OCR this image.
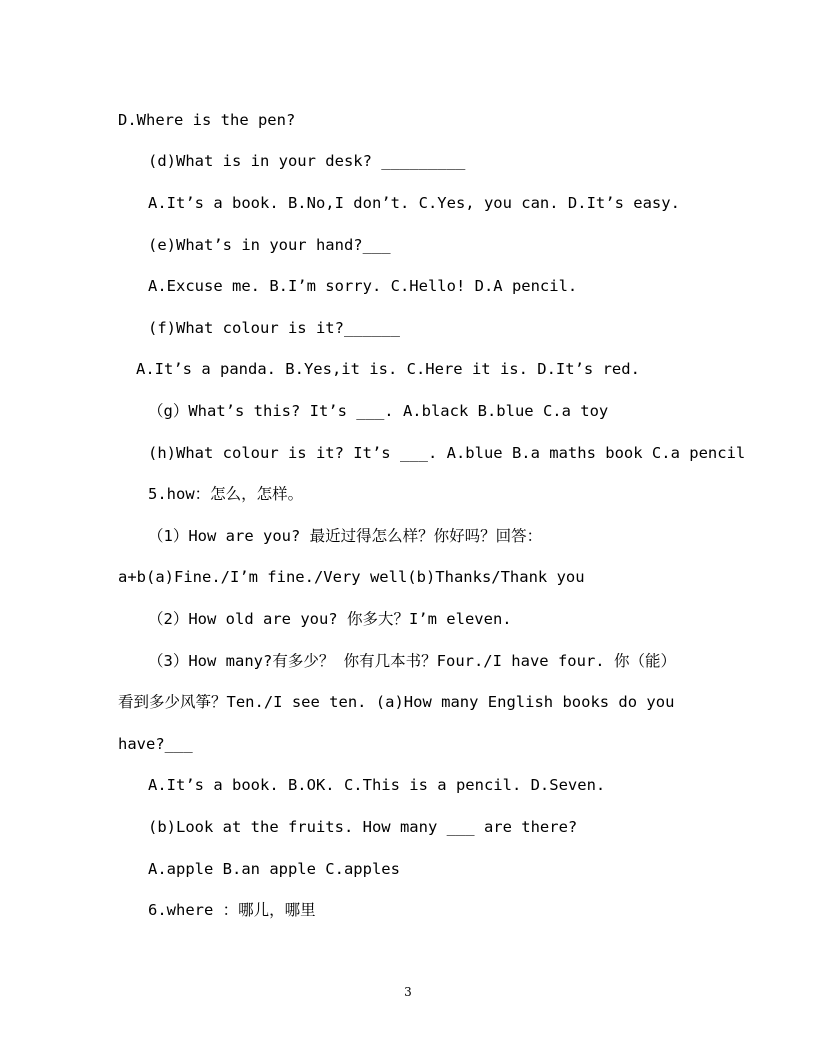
D.Where is the pen?
(d)What is in your desk? _________
A.It’s a book. B.No,I don’t. C.Yes, you can. D.It’s easy.
(e)What’s in your hand?___
A.Excuse me. B.I’m sorry. C.Hello! D.A pencil.
(f)What colour is it?______
A.It’s a panda. B.Yes,it is. C.Here it is. D.It’s red.
（g）What’s this? It’s ___. A.black B.blue C.a toy
(h)What colour is it? It’s ___. A.blue B.a maths book C.a pencil
5.how：怎么，怎样。
（1）How are you? 最近过得怎么样？你好吗？回答：
a+b(a)Fine./I’m fine./Very well(b)Thanks/Thank you
（2）How old are you? 你多大？I’m eleven.
（3）How many?有多少？ 你有几本书？Four./I have four. 你（能）
看到多少风筝？Ten./I see ten. (a)How many English books do you
have?___
A.It’s a book. B.OK. C.This is a pencil. D.Seven.
(b)Look at the fruits. How many ___ are there?
A.apple B.an apple C.apples
6.where ：哪儿，哪里
3
